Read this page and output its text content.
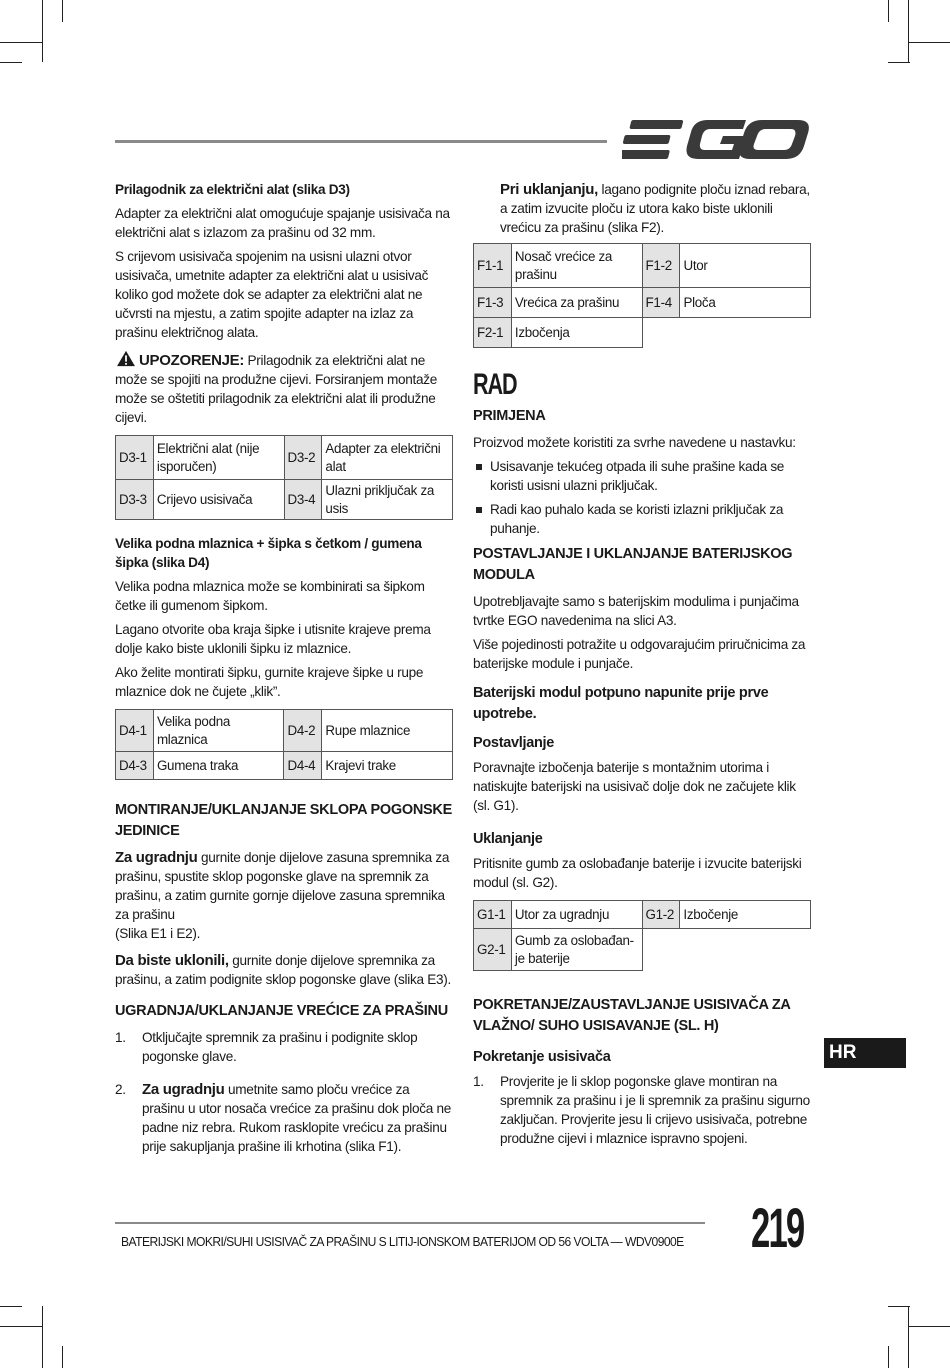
Prilagodnik za električni alat (slika D3)

Adapter za električni alat omogućuje spajanje usisivača na električni alat s izlazom za prašinu od 32 mm.

S crijevom usisivača spojenim na usisni ulazni otvor usisivača, umetnite adapter za električni alat u usisivač koliko god možete dok se adapter za električni alat ne učvrsti na mjestu, a zatim spojite adapter na izlaz za prašinu električnog alata.

UPOZORENJE: Prilagodnik za električni alat ne može se spojiti na produžne cijevi. Forsiranjem montaže može se oštetiti prilagodnik za električni alat ili produžne cijevi.

D3-1	Električni alat (nije isporučen)	D3-2	Adapter za električni alat
D3-3	Crijevo usisivača	D3-4	Ulazni priključak za usis
Velika podna mlaznica + šipka s četkom / gumena šipka (slika D4)

Velika podna mlaznica može se kombinirati sa šipkom četke ili gumenom šipkom.

Lagano otvorite oba kraja šipke i utisnite krajeve prema dolje kako biste uklonili šipku iz mlaznice.

Ako želite montirati šipku, gurnite krajeve šipke u rupe mlaznice dok ne čujete „klik”.

D4-1	Velika podna mlaznica	D4-2	Rupe mlaznice
D4-3	Gumena traka	D4-4	Krajevi trake
MONTIRANJE/UKLANJANJE SKLOPA POGONSKE JEDINICE

Za ugradnju gurnite donje dijelove zasuna spremnika za prašinu, spustite sklop pogonske glave na spremnik za prašinu, a zatim gurnite gornje dijelove zasuna spremnika za prašinu
(Slika E1 i E2).

Da biste uklonili, gurnite donje dijelove spremnika za prašinu, a zatim podignite sklop pogonske glave (slika E3).

UGRADNJA/UKLANJANJE VREĆICE ZA PRAŠINU
1. Otključajte spremnik za prašinu i podignite sklop pogonske glave.
2. Za ugradnju umetnite samo ploču vrećice za prašinu u utor nosača vrećice za prašinu dok ploča ne padne niz rebra. Rukom rasklopite vrećicu za prašinu prije sakupljanja prašine ili krhotina (slika F1).

Pri uklanjanju, lagano podignite ploču iznad rebara, a zatim izvucite ploču iz utora kako biste uklonili vrećicu za prašinu (slika F2).

F1-1	Nosač vrećice za prašinu	F1-2	Utor
F1-3	Vrećica za prašinu	F1-4	Ploča
F2-1	Izbočenja		
RAD
PRIMJENA

Proizvod možete koristiti za svrhe navedene u nastavku:

Usisavanje tekućeg otpada ili suhe prašine kada se koristi usisni ulazni priključak.
Radi kao puhalo kada se koristi izlazni priključak za puhanje.
POSTAVLJANJE I UKLANJANJE BATERIJSKOG MODULA

Upotrebljavajte samo s baterijskim modulima i punjačima tvrtke EGO navedenima na slici A3.

Više pojedinosti potražite u odgovarajućim priručnicima za baterijske module i punjače.

Baterijski modul potpuno napunite prije prve upotrebe.
Postavljanje

Poravnajte izbočenja baterije s montažnim utorima i natiskujte baterijski na usisivač dolje dok ne začujete klik (sl. G1).

Uklanjanje

Pritisnite gumb za oslobađanje baterije i izvucite baterijski modul (sl. G2).

G1-1	Utor za ugradnju	G1-2	Izbočenje
G2-1	Gumb za oslobađan- je baterije		
POKRETANJE/ZAUSTAVLJANJE USISIVAČA ZA VLAŽNO/ SUHO USISAVANJE (SL. H)
Pokretanje usisivača
1. Provjerite je li sklop pogonske glave montiran na spremnik za prašinu i je li spremnik za prašinu sigurno zaključan. Provjerite jesu li crijevo usisivača, potrebne produžne cijevi i mlaznice ispravno spojeni.
HR
BATERIJSKI MOKRI/SUHI USISIVAČ ZA PRAŠINU S LITIJ-IONSKOM BATERIJOM OD 56 VOLTA — WDV0900E 219
